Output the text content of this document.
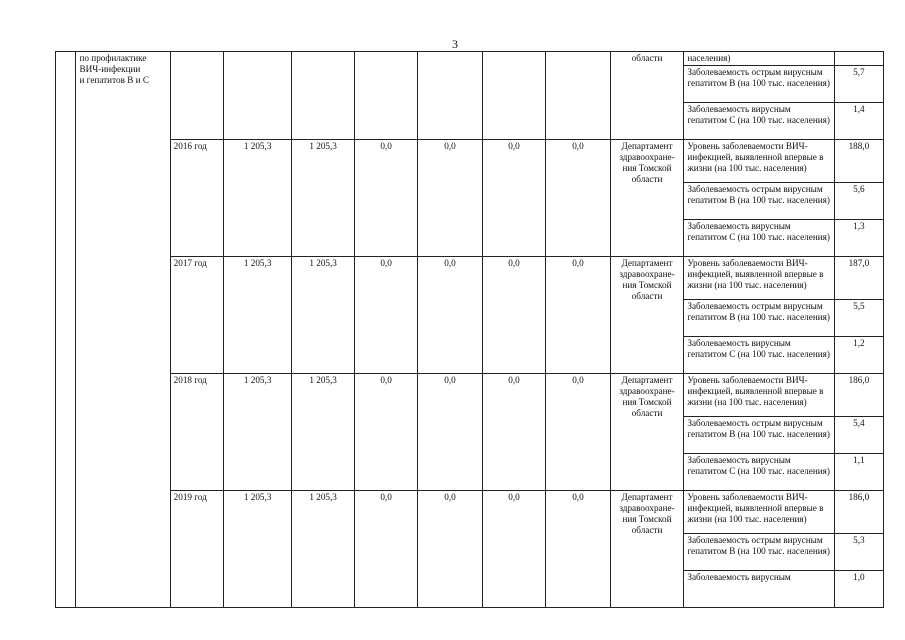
3

	по профилактике
ВИЧ-инфекции
и гепатитов В и С								области	населения)	
										Заболеваемость острым вирусным гепатитом В (на 100 тыс. населения)	5,7
										Заболеваемость вирусным гепатитом С (на 100 тыс. населения)	1,4
		2016 год	1 205,3	1 205,3	0,0	0,0	0,0	0,0	Департамент здравоохране-ния Томской области	Уровень заболеваемости ВИЧ-инфекцией, выявленной впервые в жизни (на 100 тыс. населения)	188,0
										Заболеваемость острым вирусным гепатитом В (на 100 тыс. населения)	5,6
										Заболеваемость вирусным гепатитом С (на 100 тыс. населения)	1,3
		2017 год	1 205,3	1 205,3	0,0	0,0	0,0	0,0	Департамент здравоохране-ния Томской области	Уровень заболеваемости ВИЧ-инфекцией, выявленной впервые в жизни (на 100 тыс. населения)	187,0
										Заболеваемость острым вирусным гепатитом В (на 100 тыс. населения)	5,5
										Заболеваемость вирусным гепатитом С (на 100 тыс. населения)	1,2
		2018 год	1 205,3	1 205,3	0,0	0,0	0,0	0,0	Департамент здравоохране-ния Томской области	Уровень заболеваемости ВИЧ-инфекцией, выявленной впервые в жизни (на 100 тыс. населения)	186,0
										Заболеваемость острым вирусным гепатитом В (на 100 тыс. населения)	5,4
										Заболеваемость вирусным гепатитом С (на 100 тыс. населения)	1,1
		2019 год	1 205,3	1 205,3	0,0	0,0	0,0	0,0	Департамент здравоохране-ния Томской области	Уровень заболеваемости ВИЧ-инфекцией, выявленной впервые в жизни (на 100 тыс. населения)	186,0
										Заболеваемость острым вирусным гепатитом В (на 100 тыс. населения)	5,3
										Заболеваемость вирусным	1,0
